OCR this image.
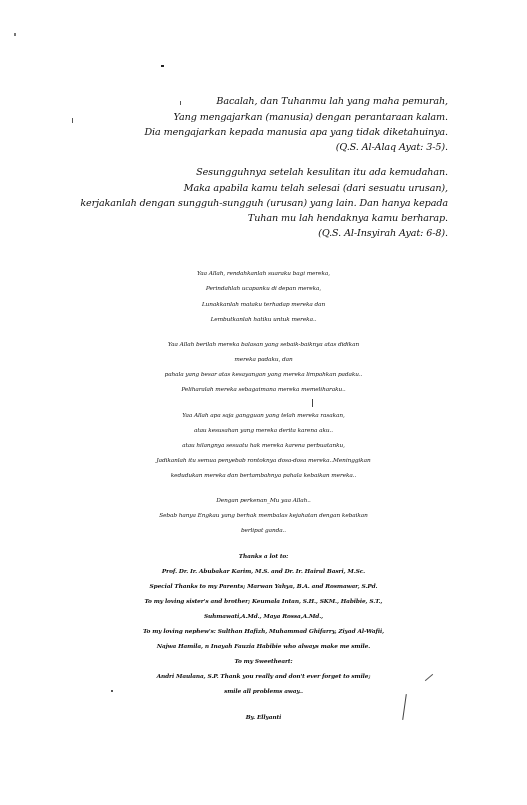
Bacalah, dan Tuhanmu lah yang maha pemurah,
Yang mengajarkan (manusia) dengan perantaraan kalam.
Dia mengajarkan kepada manusia apa yang tidak diketahuinya.
(Q.S. Al-Alaq Ayat: 3-5).
Sesungguhnya setelah kesulitan itu ada kemudahan.
Maka apabila kamu telah selesai (dari sesuatu urusan),
kerjakanlah dengan sungguh-sungguh (urusan) yang lain. Dan hanya kepada
Tuhan mu lah hendaknya kamu berharap.
(Q.S. Al-Insyirah Ayat: 6-8).
Yaa Allah, rendahkanlah suaraku bagi mereka,
Perindahlah ucapanku di depan mereka,
Lunakkanlah mataku terhadap mereka dan
Lembutkanlah hatiku untuk mereka..
Yaa Allah berilah mereka balasan yang sebaik-baiknya atas didikan
mereka padaku, dan
pahala yang besar atas kesayangan yang mereka limpahkan padaku..
Peliharalah mereka sebagaimana mereka memeliharaku..
Yaa Allah apa saja gangguan yang telah mereka rasakan,
atau kesusahan yang mereka derita karena aku..
atau hilangnya sesuatu hak mereka karena perbuatanku,
Jadikanlah itu semua penyebab rontoknya dosa-dosa mereka..Meninggikan
kedudukan mereka dan bertambahnya pahala kebaikan mereka..
Dengan perkenan_Mu yaa Allah..
Sebab hanya Engkau yang berhak membalas kejahatan dengan kebaikan
berlipat ganda..
Thanks a lot to:
Prof. Dr. Ir. Abubakar Karim, M.S. and Dr. Ir. Hairul Basri, M.Sc.
Special Thanks to my Parents; Marwan Yahya, B.A. and Rosmawar, S.Pd.
To my loving sister's and brother; Keumala Intan, S.H., SKM., Habibie, S.T.,
Suhmawati,A.Md., Maya Rossa,A.Md.,
To my loving nephew's: Sulthan Hafizh, Muhammad Ghifarry, Ziyad Al-Wafii,
Najwa Hamila, n Inayah Fauzia Habibie who always make me smile.
To my Sweetheart:
Andri Maulana, S.P. Thank you really and don't ever forget to smile;
smile all problems away..
By. Ellyanti
